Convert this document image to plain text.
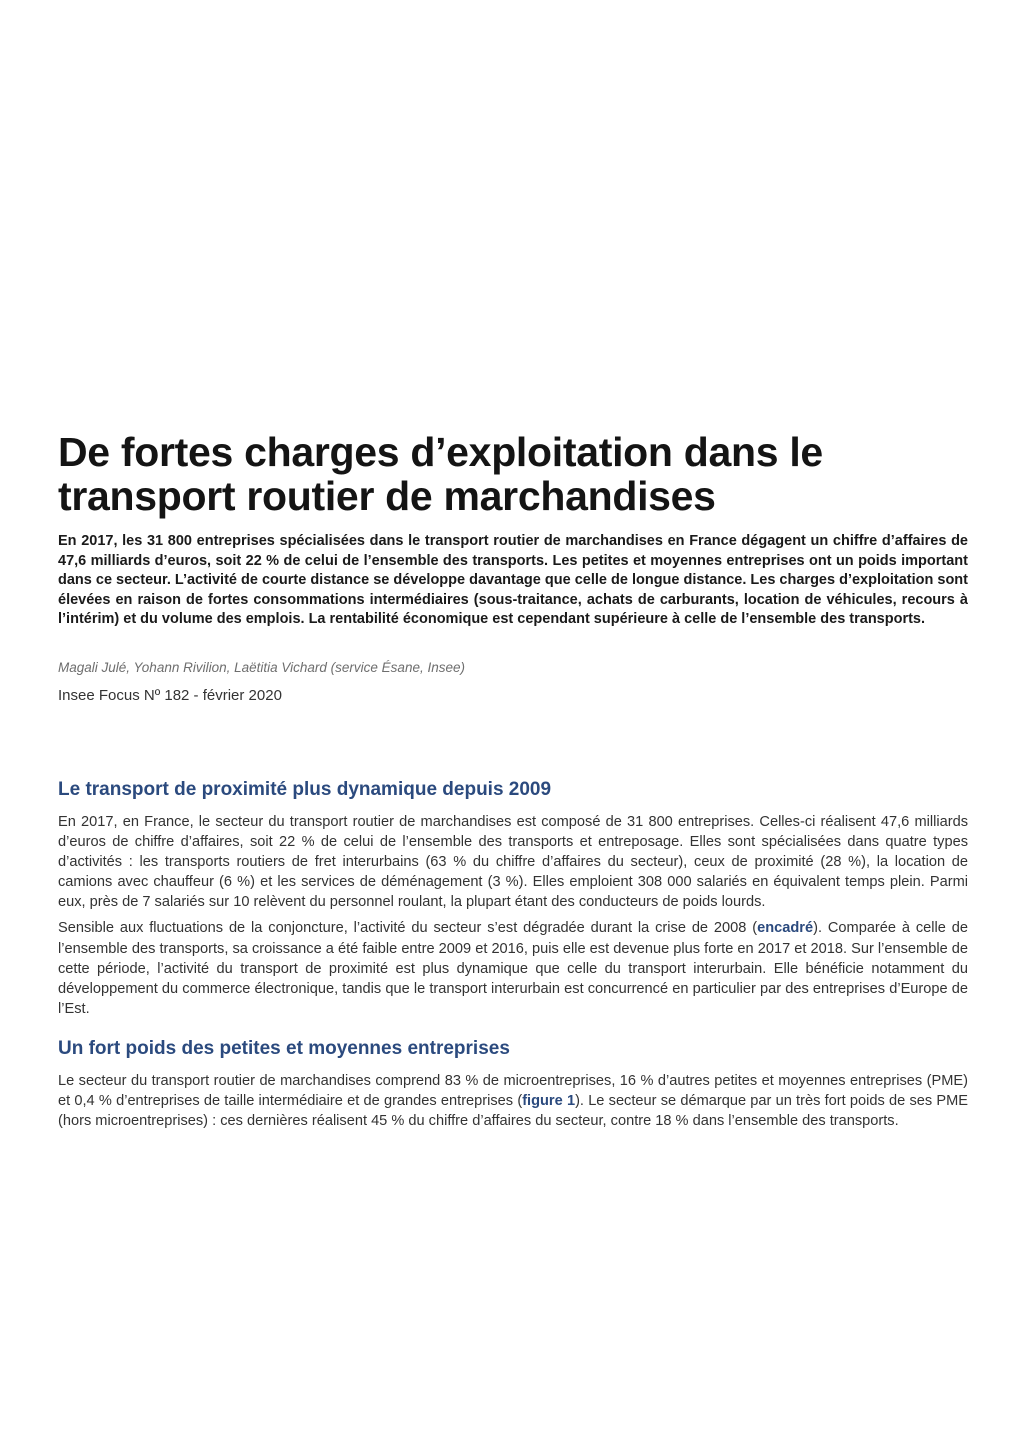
De fortes charges d’exploitation dans le transport routier de marchandises

En 2017, les 31 800 entreprises spécialisées dans le transport routier de marchandises en France dégagent un chiffre d’affaires de 47,6 milliards d’euros, soit 22 % de celui de l’ensemble des transports. Les petites et moyennes entreprises ont un poids important dans ce secteur. L’activité de courte distance se développe davantage que celle de longue distance. Les charges d’exploitation sont élevées en raison de fortes consommations intermédiaires (sous-traitance, achats de carburants, location de véhicules, recours à l’intérim) et du volume des emplois. La rentabilité économique est cependant supérieure à celle de l’ensemble des transports.

Magali Julé, Yohann Rivilion, Laëtitia Vichard (service Ésane, Insee)

Insee Focus Nº 182 - février 2020

Le transport de proximité plus dynamique depuis 2009

En 2017, en France, le secteur du transport routier de marchandises est composé de 31 800 entreprises. Celles-ci réalisent 47,6 milliards d’euros de chiffre d’affaires, soit 22 % de celui de l’ensemble des transports et entreposage. Elles sont spécialisées dans quatre types d’activités : les transports routiers de fret interurbains (63 % du chiffre d’affaires du secteur), ceux de proximité (28 %), la location de camions avec chauffeur (6 %) et les services de déménagement (3 %). Elles emploient 308 000 salariés en équivalent temps plein. Parmi eux, près de 7 salariés sur 10 relèvent du personnel roulant, la plupart étant des conducteurs de poids lourds.

Sensible aux fluctuations de la conjoncture, l’activité du secteur s’est dégradée durant la crise de 2008 (encadré). Comparée à celle de l’ensemble des transports, sa croissance a été faible entre 2009 et 2016, puis elle est devenue plus forte en 2017 et 2018. Sur l’ensemble de cette période, l’activité du transport de proximité est plus dynamique que celle du transport interurbain. Elle bénéficie notamment du développement du commerce électronique, tandis que le transport interurbain est concurrencé en particulier par des entreprises d’Europe de l’Est.

Un fort poids des petites et moyennes entreprises

Le secteur du transport routier de marchandises comprend 83 % de microentreprises, 16 % d’autres petites et moyennes entreprises (PME) et 0,4 % d’entreprises de taille intermédiaire et de grandes entreprises (figure 1). Le secteur se démarque par un très fort poids de ses PME (hors microentreprises) : ces dernières réalisent 45 % du chiffre d’affaires du secteur, contre 18 % dans l’ensemble des transports.
